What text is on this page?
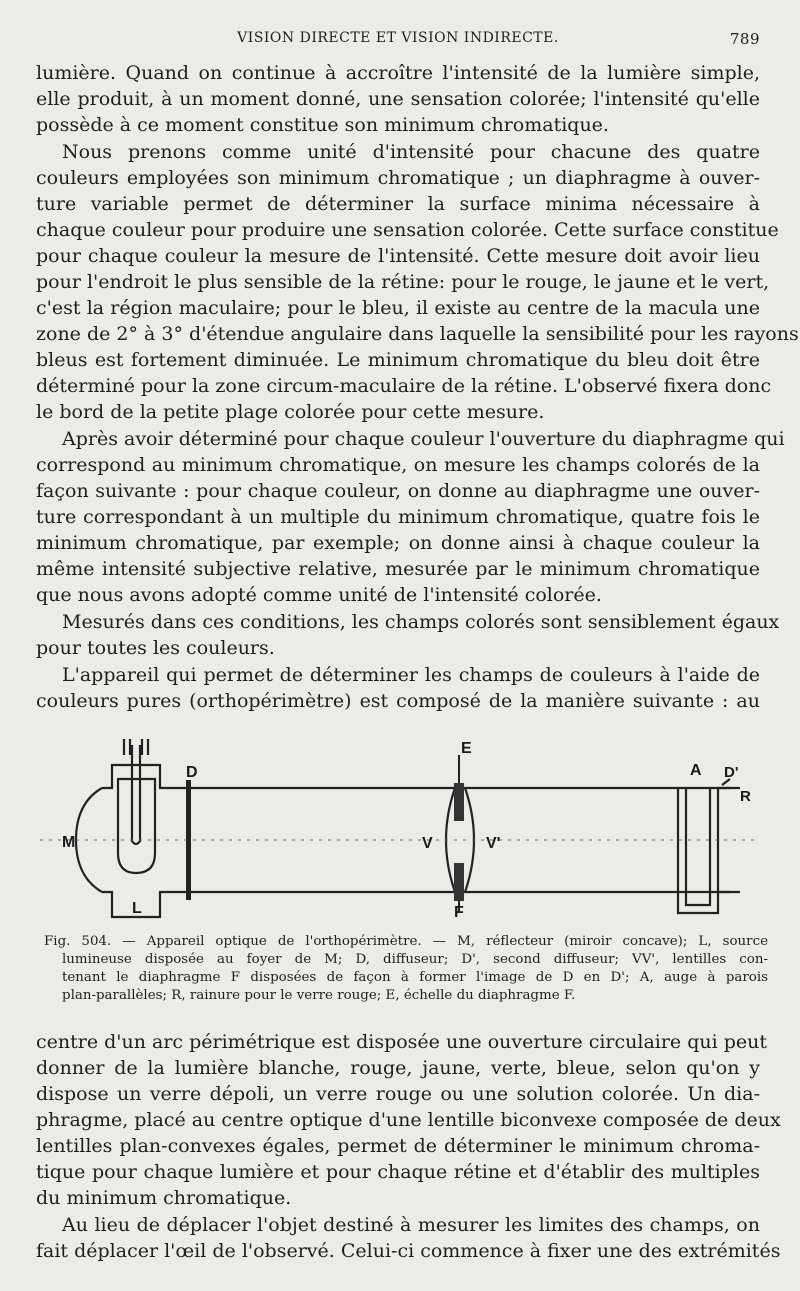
VISION DIRECTE ET VISION INDIRECTE.	789
lumière. Quand on continue à accroître l'intensité de la lumière simple,
elle produit, à un moment donné, une sensation colorée; l'intensité qu'elle
possède à ce moment constitue son minimum chromatique.
Nous prenons comme unité d'intensité pour chacune des quatre
couleurs employées son minimum chromatique ; un diaphragme à ouver-
ture variable permet de déterminer la surface minima nécessaire à
chaque couleur pour produire une sensation colorée. Cette surface constitue
pour chaque couleur la mesure de l'intensité. Cette mesure doit avoir lieu
pour l'endroit le plus sensible de la rétine: pour le rouge, le jaune et le vert,
c'est la région maculaire; pour le bleu, il existe au centre de la macula une
zone de 2° à 3° d'étendue angulaire dans laquelle la sensibilité pour les rayons
bleus est fortement diminuée. Le minimum chromatique du bleu doit être
déterminé pour la zone circum-maculaire de la rétine. L'observé fixera donc
le bord de la petite plage colorée pour cette mesure.
Après avoir déterminé pour chaque couleur l'ouverture du diaphragme qui
correspond au minimum chromatique, on mesure les champs colorés de la
façon suivante : pour chaque couleur, on donne au diaphragme une ouver-
ture correspondant à un multiple du minimum chromatique, quatre fois le
minimum chromatique, par exemple; on donne ainsi à chaque couleur la
même intensité subjective relative, mesurée par le minimum chromatique
que nous avons adopté comme unité de l'intensité colorée.
Mesurés dans ces conditions, les champs colorés sont sensiblement égaux
pour toutes les couleurs.
L'appareil qui permet de déterminer les champs de couleurs à l'aide de
couleurs pures (orthopérimètre) est composé de la manière suivante : au
M
L
D
E
F
V	V'
A D'
R
Fig. 504. — Appareil optique de l'orthopérimètre. — M, réflecteur (miroir concave); L, source
lumineuse disposée au foyer de M; D, diffuseur; D', second diffuseur; VV', lentilles con-
tenant le diaphragme F disposées de façon à former l'image de D en D'; A, auge à parois
plan-parallèles; R, rainure pour le verre rouge; E, échelle du diaphragme F.
centre d'un arc périmétrique est disposée une ouverture circulaire qui peut
donner de la lumière blanche, rouge, jaune, verte, bleue, selon qu'on y
dispose un verre dépoli, un verre rouge ou une solution colorée. Un dia-
phragme, placé au centre optique d'une lentille biconvexe composée de deux
lentilles plan-convexes égales, permet de déterminer le minimum chroma-
tique pour chaque lumière et pour chaque rétine et d'établir des multiples
du minimum chromatique.
Au lieu de déplacer l'objet destiné à mesurer les limites des champs, on
fait déplacer l'œil de l'observé. Celui-ci commence à fixer une des extrémités
